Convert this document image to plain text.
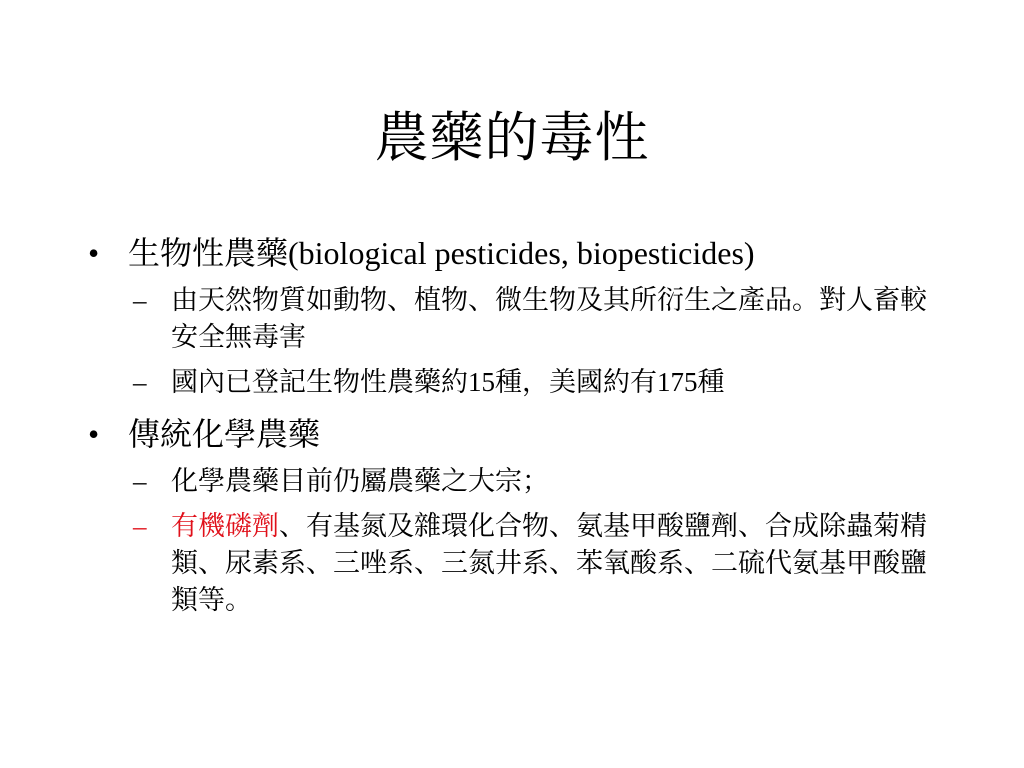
農藥的毒性
• 生物性農藥(biological pesticides, biopesticides)
– 由天然物質如動物、植物、微生物及其所衍生之產品。對人畜較安全無毒害
– 國內已登記生物性農藥約15種，美國約有175種
• 傳統化學農藥
– 化學農藥目前仍屬農藥之大宗；
– 有機磷劑、有基氮及雜環化合物、氨基甲酸鹽劑、合成除蟲菊精類、尿素系、三唑系、三氮井系、苯氧酸系、二硫代氨基甲酸鹽類等。
